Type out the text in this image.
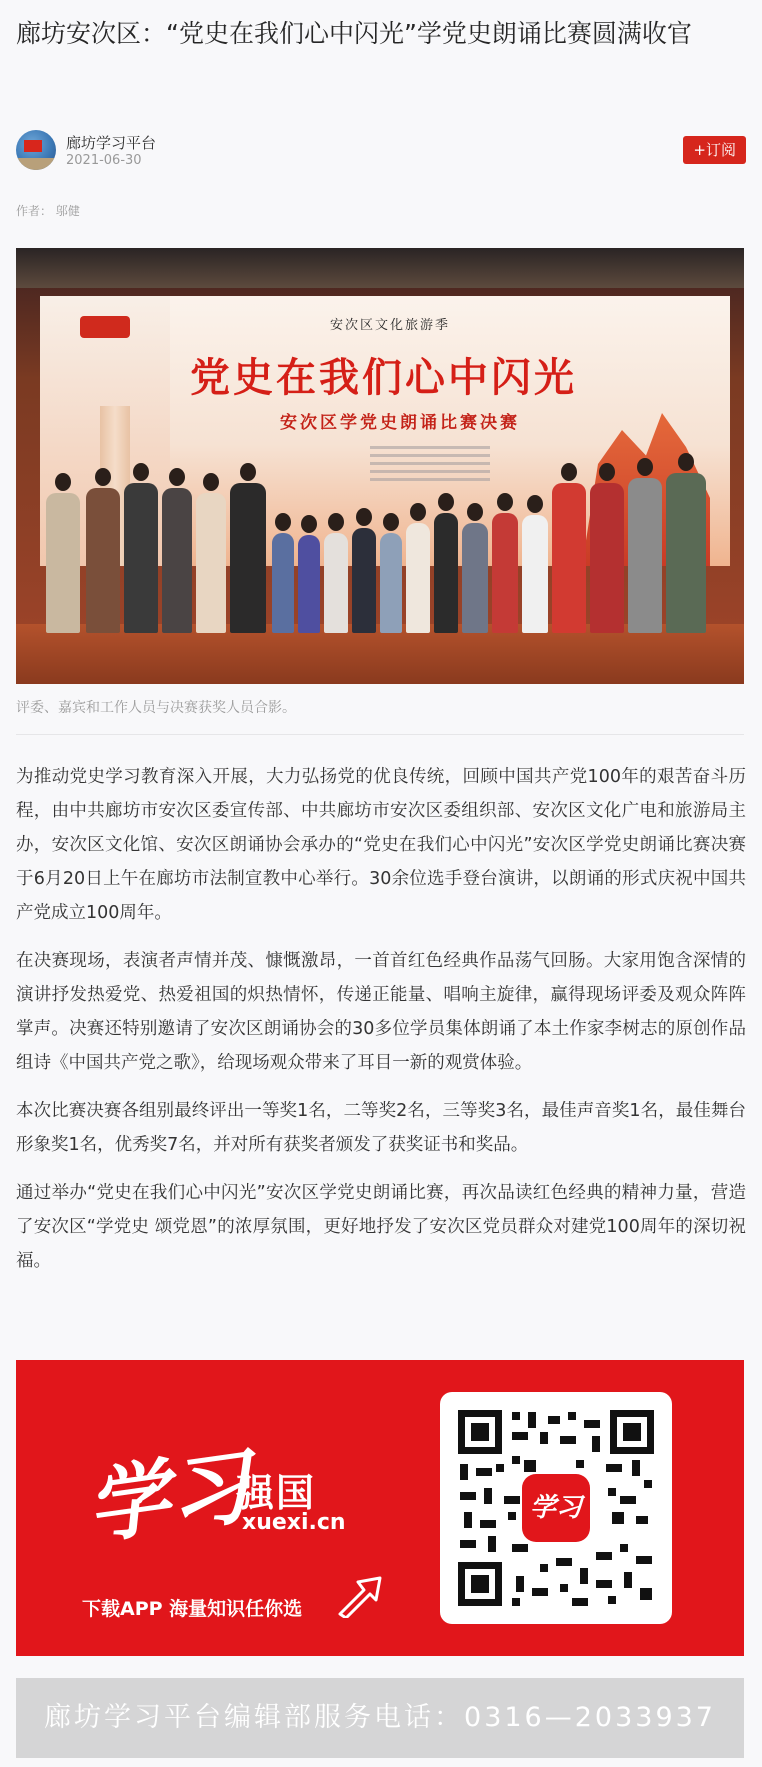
廊坊安次区：“党史在我们心中闪光”学党史朗诵比赛圆满收官
廊坊学习平台
2021-06-30
+订阅
作者： 邬健
安次区文化旅游季
党史在我们心中闪光
安次区学党史朗诵比赛决赛
评委、嘉宾和工作人员与决赛获奖人员合影。

为推动党史学习教育深入开展，大力弘扬党的优良传统，回顾中国共产党100年的艰苦奋斗历程，由中共廊坊市安次区委宣传部、中共廊坊市安次区委组织部、安次区文化广电和旅游局主办，安次区文化馆、安次区朗诵协会承办的“党史在我们心中闪光”安次区学党史朗诵比赛决赛于6月20日上午在廊坊市法制宣教中心举行。30余位选手登台演讲，以朗诵的形式庆祝中国共产党成立100周年。

在决赛现场，表演者声情并茂、慷慨激昂，一首首红色经典作品荡气回肠。大家用饱含深情的演讲抒发热爱党、热爱祖国的炽热情怀，传递正能量、唱响主旋律，赢得现场评委及观众阵阵掌声。决赛还特别邀请了安次区朗诵协会的30多位学员集体朗诵了本土作家李树志的原创作品组诗《中国共产党之歌》，给现场观众带来了耳目一新的观赏体验。

本次比赛决赛各组别最终评出一等奖1名，二等奖2名，三等奖3名，最佳声音奖1名，最佳舞台形象奖1名，优秀奖7名，并对所有获奖者颁发了获奖证书和奖品。

通过举办“党史在我们心中闪光”安次区学党史朗诵比赛，再次品读红色经典的精神力量，营造了安次区“学党史 颂党恩”的浓厚氛围，更好地抒发了安次区党员群众对建党100周年的深切祝福。

学习
强国
xuexi.cn
下载APP 海量知识任你选
学习
廊坊学习平台编辑部服务电话：0316—2033937
